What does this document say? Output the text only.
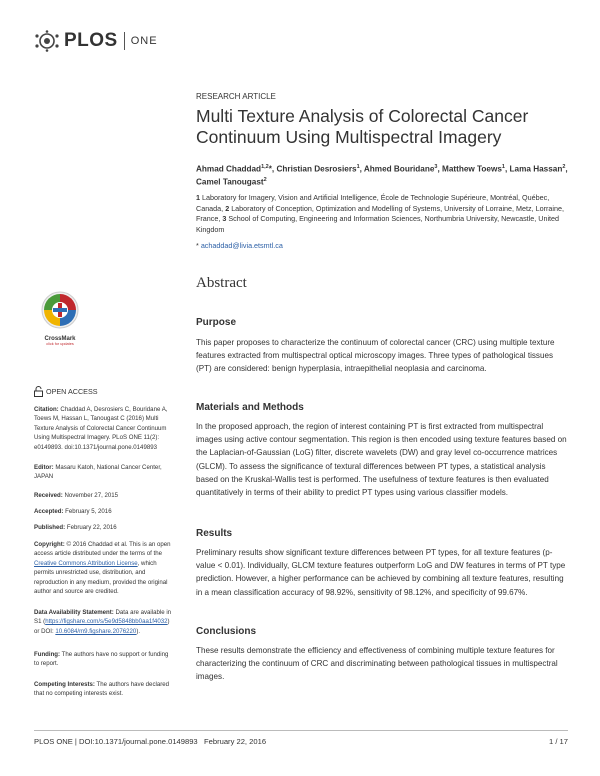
PLOS ONE
RESEARCH ARTICLE
Multi Texture Analysis of Colorectal Cancer Continuum Using Multispectral Imagery
Ahmad Chaddad$^{1,2}$*, Christian Desrosiers$^1$, Ahmed Bouridane$^3$, Matthew Toews$^1$, Lama Hassan$^2$, Camel Tanougast$^2$
1 Laboratory for Imagery, Vision and Artificial Intelligence, École de Technologie Supérieure, Montréal, Québec, Canada, 2 Laboratory of Conception, Optimization and Modelling of Systems, University of Lorraine, Metz, Lorraine, France, 3 School of Computing, Engineering and Information Sciences, Northumbria University, Newcastle, United Kingdom
* achaddad@livia.etsmtl.ca
Abstract
Purpose
This paper proposes to characterize the continuum of colorectal cancer (CRC) using multiple texture features extracted from multispectral optical microscopy images. Three types of pathological tissues (PT) are considered: benign hyperplasia, intraepithelial neoplasia and carcinoma.
Materials and Methods
In the proposed approach, the region of interest containing PT is first extracted from multispectral images using active contour segmentation. This region is then encoded using texture features based on the Laplacian-of-Gaussian (LoG) filter, discrete wavelets (DW) and gray level co-occurrence matrices (GLCM). To assess the significance of textural differences between PT types, a statistical analysis based on the Kruskal-Wallis test is performed. The usefulness of texture features is then evaluated quantitatively in terms of their ability to predict PT types using various classifier models.
Results
Preliminary results show significant texture differences between PT types, for all texture features (p-value < 0.01). Individually, GLCM texture features outperform LoG and DW features in terms of PT type prediction. However, a higher performance can be achieved by combining all texture features, resulting in a mean classification accuracy of 98.92%, sensitivity of 98.12%, and specificity of 99.67%.
Conclusions
These results demonstrate the efficiency and effectiveness of combining multiple texture features for characterizing the continuum of CRC and discriminating between pathological tissues in multispectral images.
CrossMark
click for updates
OPEN ACCESS
Citation: Chaddad A, Desrosiers C, Bouridane A, Toews M, Hassan L, Tanougast C (2016) Multi Texture Analysis of Colorectal Cancer Continuum Using Multispectral Imagery. PLoS ONE 11(2): e0149893. doi:10.1371/journal.pone.0149893
Editor: Masaru Katoh, National Cancer Center, JAPAN
Received: November 27, 2015
Accepted: February 5, 2016
Published: February 22, 2016
Copyright: © 2016 Chaddad et al. This is an open access article distributed under the terms of the Creative Commons Attribution License, which permits unrestricted use, distribution, and reproduction in any medium, provided the original author and source are credited.
Data Availability Statement: Data are available in S1 (https://figshare.com/s/5e9d5848bb0aa1f4032) or DOI: 10.6084/m9.figshare.2076220).
Funding: The authors have no support or funding to report.
Competing Interests: The authors have declared that no competing interests exist.
PLOS ONE | DOI:10.1371/journal.pone.0149893   February 22, 2016	1 / 17
